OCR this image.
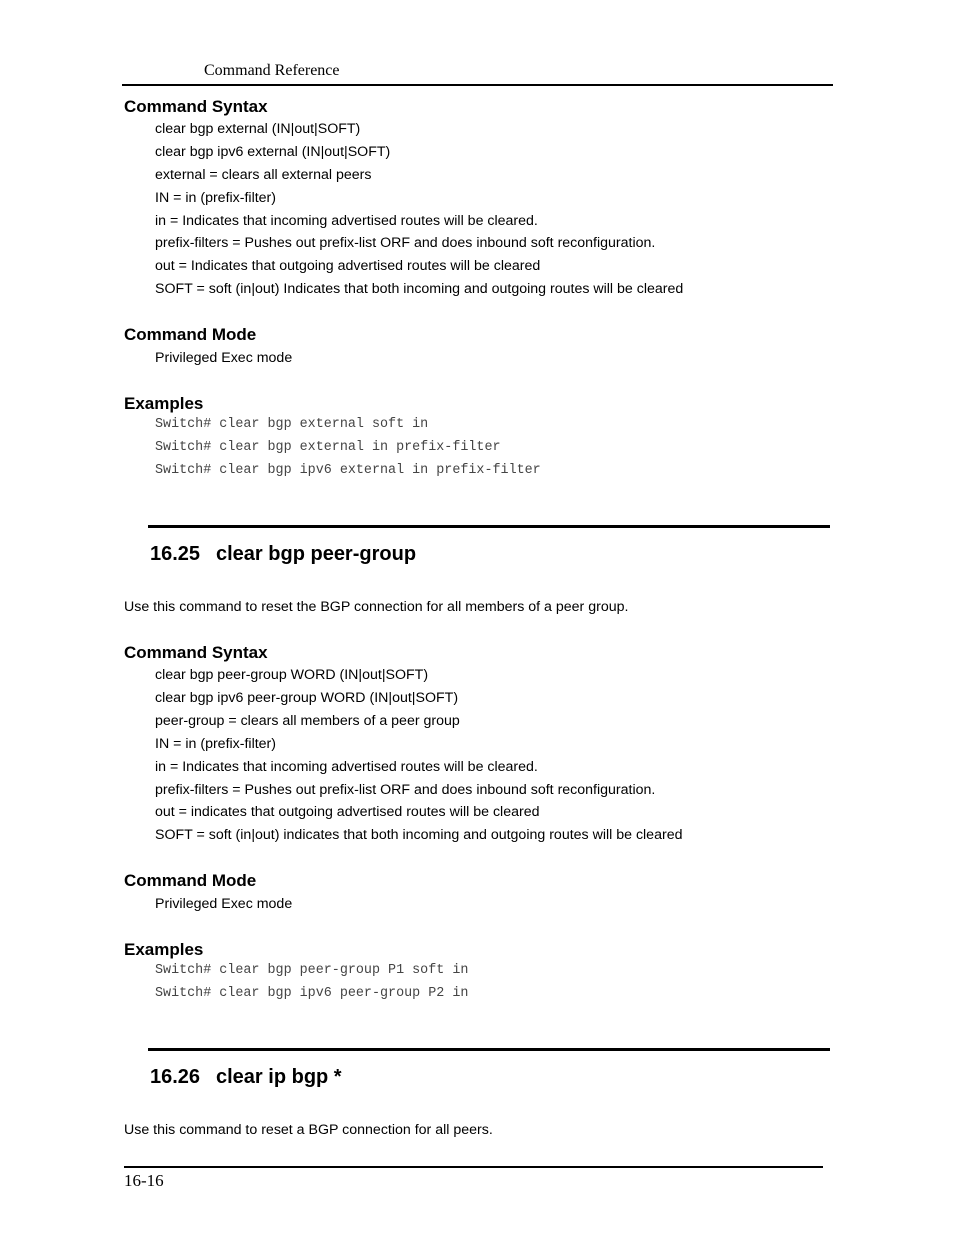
Command Reference
Command Syntax
clear bgp external (IN|out|SOFT)
clear bgp ipv6 external (IN|out|SOFT)
external = clears all external peers
IN = in (prefix-filter)
in = Indicates that incoming advertised routes will be cleared.
prefix-filters = Pushes out prefix-list ORF and does inbound soft reconfiguration.
out = Indicates that outgoing advertised routes will be cleared
SOFT = soft (in|out) Indicates that both incoming and outgoing routes will be cleared
Command Mode
Privileged Exec mode
Examples
Switch# clear bgp external soft in
Switch# clear bgp external in prefix-filter
Switch# clear bgp ipv6 external in prefix-filter
16.25 clear bgp peer-group
Use this command to reset the BGP connection for all members of a peer group.
Command Syntax
clear bgp peer-group WORD (IN|out|SOFT)
clear bgp ipv6 peer-group WORD (IN|out|SOFT)
peer-group = clears all members of a peer group
IN = in (prefix-filter)
in = Indicates that incoming advertised routes will be cleared.
prefix-filters = Pushes out prefix-list ORF and does inbound soft reconfiguration.
out = indicates that outgoing advertised routes will be cleared
SOFT = soft (in|out) indicates that both incoming and outgoing routes will be cleared
Command Mode
Privileged Exec mode
Examples
Switch# clear bgp peer-group P1 soft in
Switch# clear bgp ipv6 peer-group P2 in
16.26 clear ip bgp *
Use this command to reset a BGP connection for all peers.
16-16
